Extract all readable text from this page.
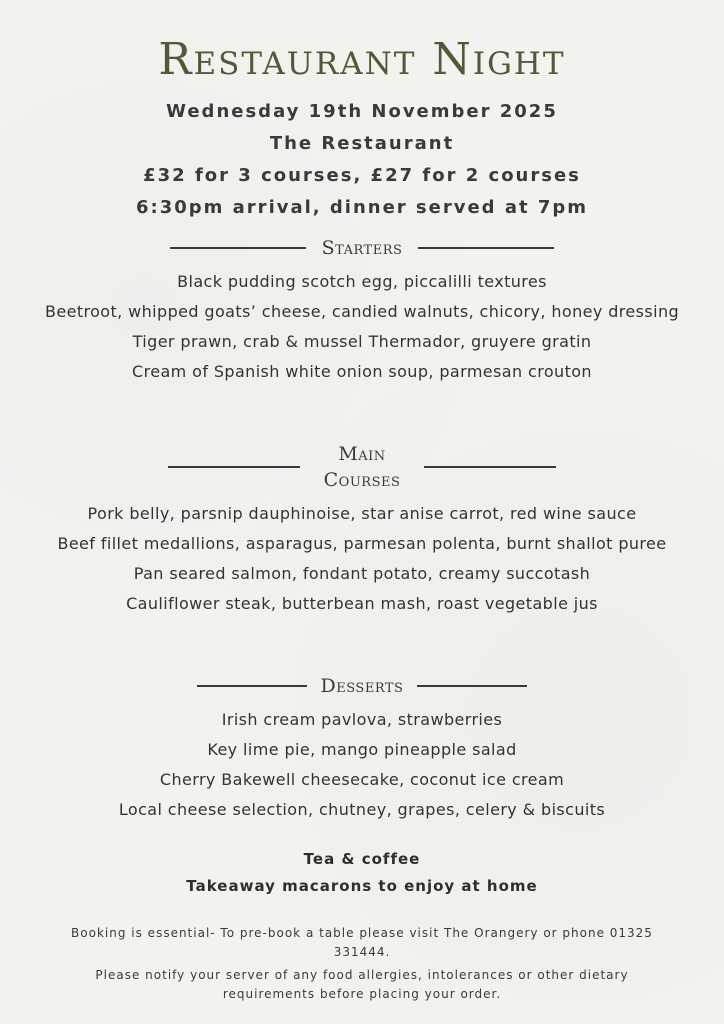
Restaurant Night
Wednesday 19th November 2025
The Restaurant
£32 for 3 courses, £27 for 2 courses
6:30pm arrival, dinner served at 7pm
Starters
Black pudding scotch egg, piccalilli textures
Beetroot, whipped goats’ cheese, candied walnuts, chicory, honey dressing
Tiger prawn, crab & mussel Thermador, gruyere gratin
Cream of Spanish white onion soup, parmesan crouton
Main
Courses
Pork belly, parsnip dauphinoise, star anise carrot, red wine sauce
Beef fillet medallions, asparagus, parmesan polenta, burnt shallot puree
Pan seared salmon, fondant potato, creamy succotash
Cauliflower steak, butterbean mash, roast vegetable jus
Desserts
Irish cream pavlova, strawberries
Key lime pie, mango pineapple salad
Cherry Bakewell cheesecake, coconut ice cream
Local cheese selection, chutney, grapes, celery & biscuits
Tea & coffee
Takeaway macarons to enjoy at home
Booking is essential- To pre-book a table please visit The Orangery or phone 01325 331444.
Please notify your server of any food allergies, intolerances or other dietary requirements before placing your order.
